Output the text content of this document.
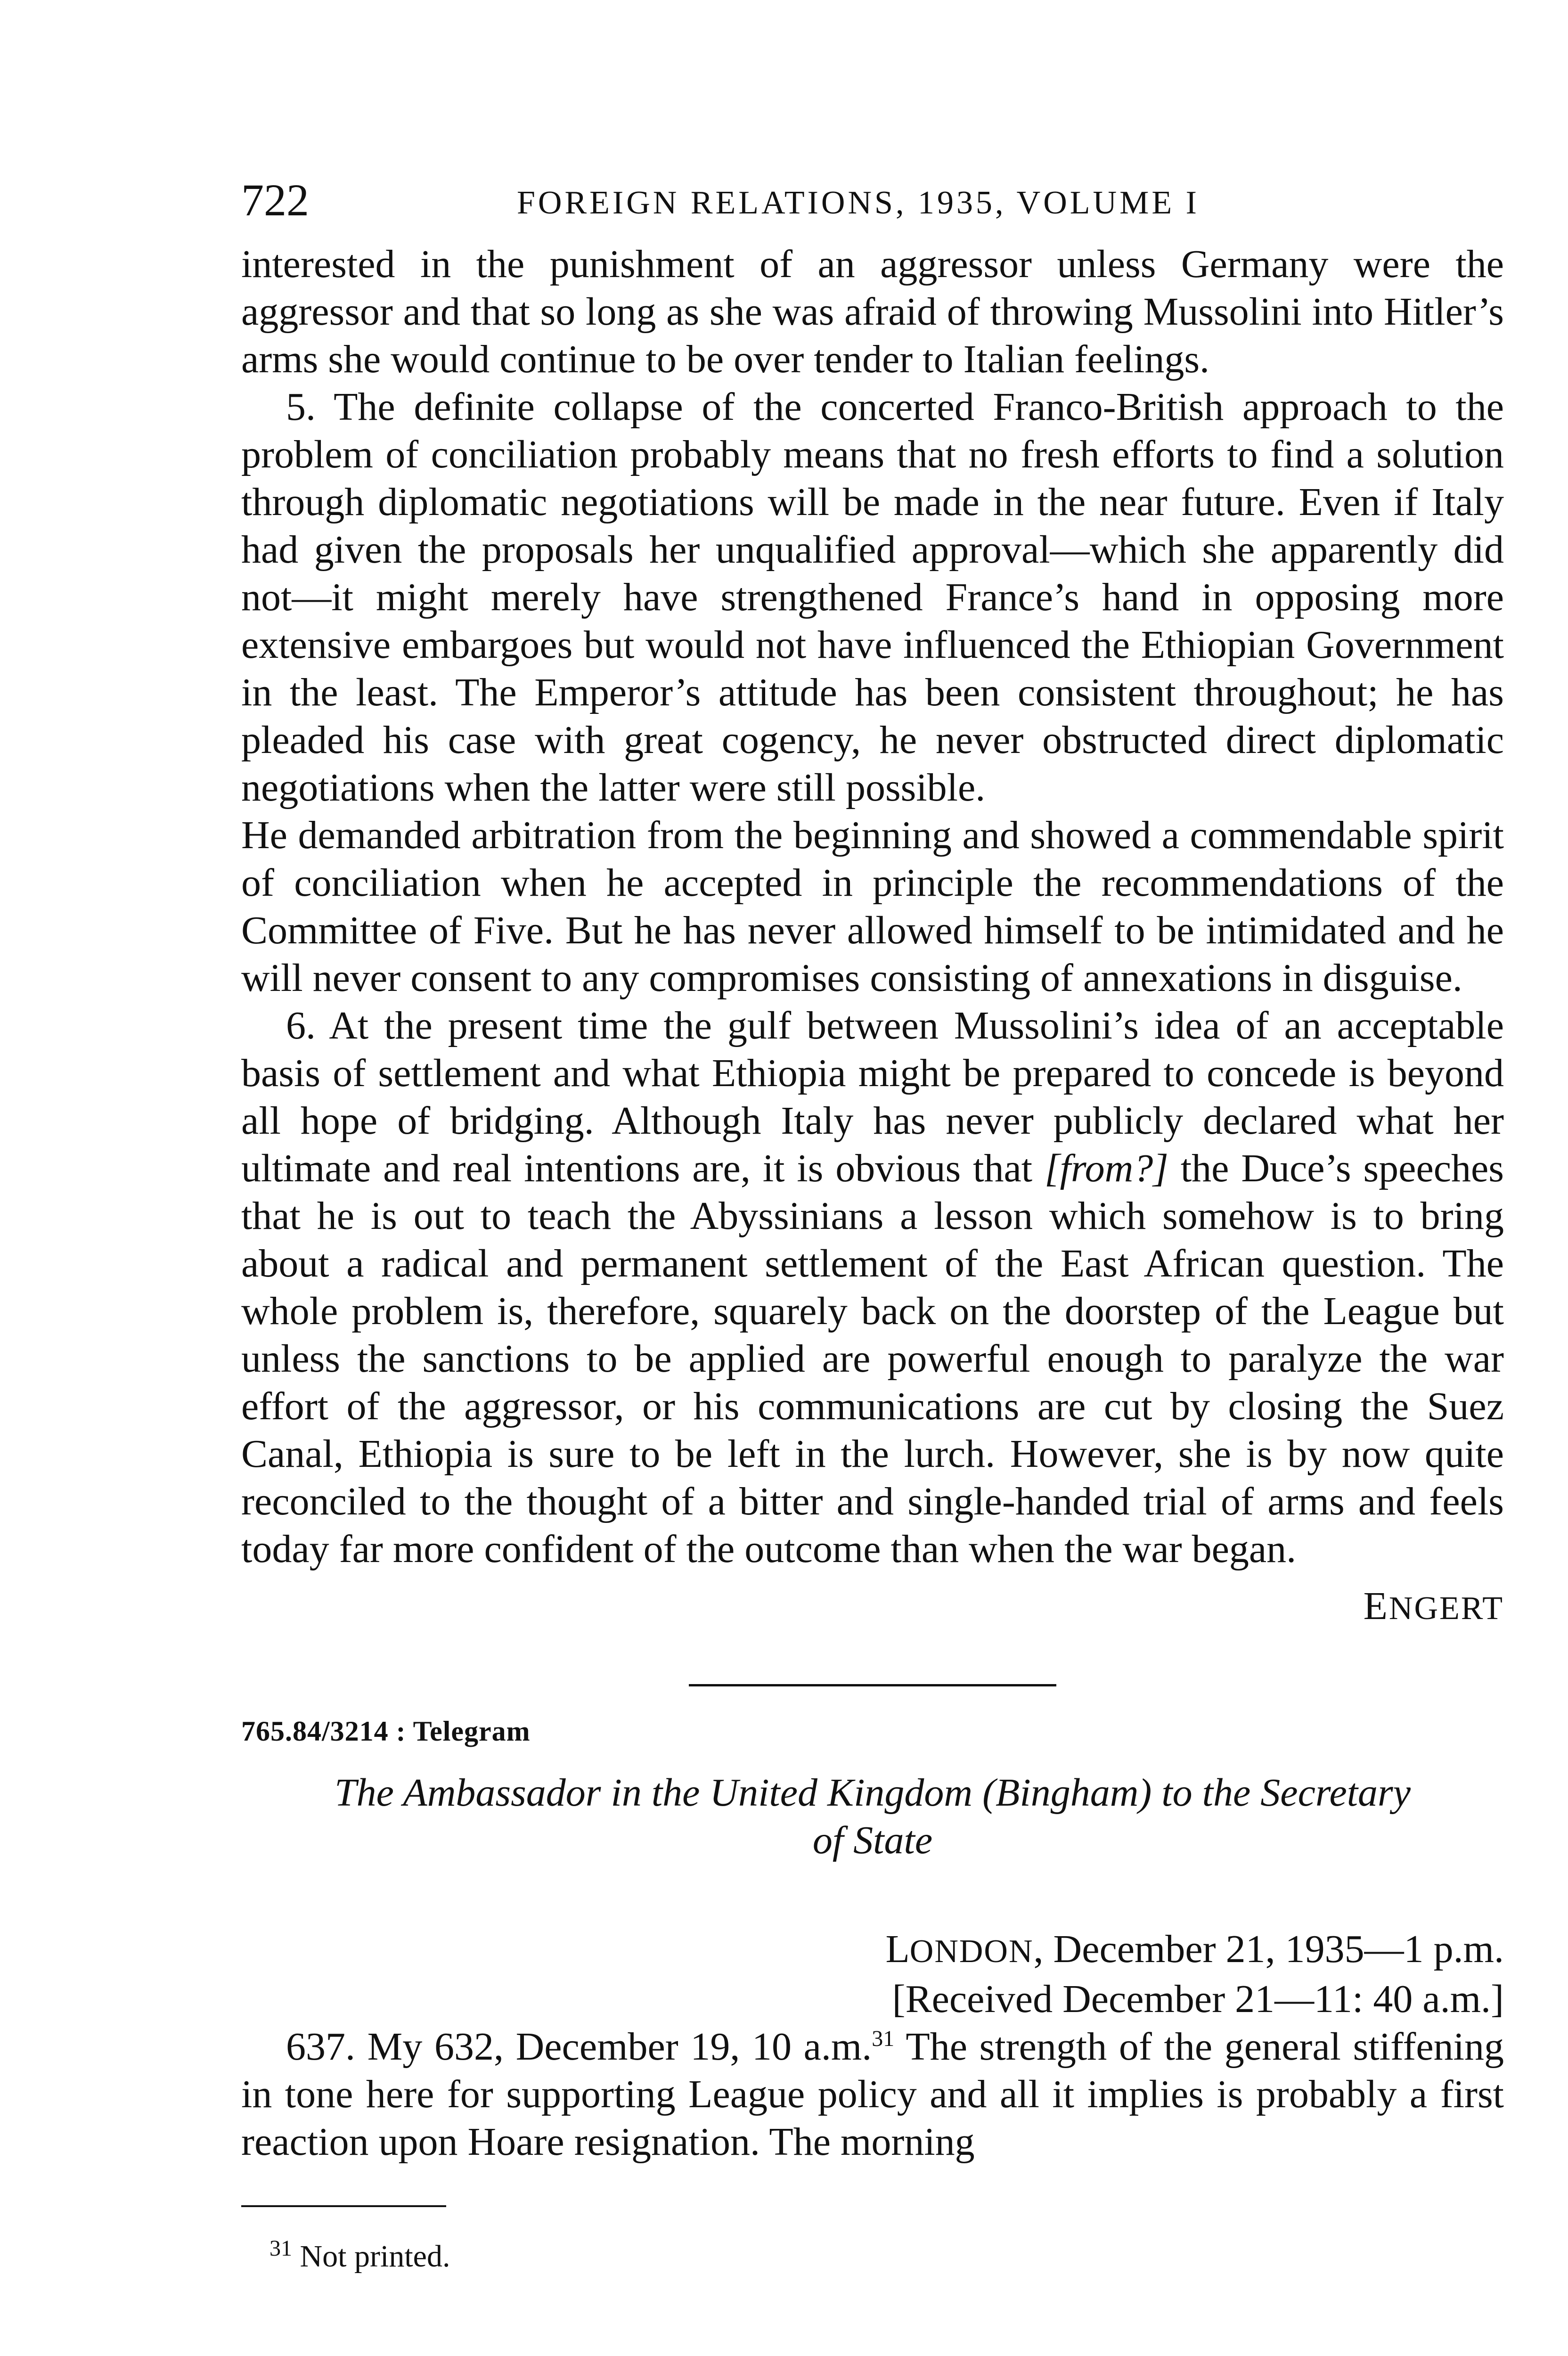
722	FOREIGN RELATIONS, 1935, VOLUME I

interested in the punishment of an aggressor unless Germany were the aggressor and that so long as she was afraid of throwing Mussolini into Hitler’s arms she would continue to be over tender to Italian feelings.

5. The definite collapse of the concerted Franco-British approach to the problem of conciliation probably means that no fresh efforts to find a solution through diplomatic negotiations will be made in the near future. Even if Italy had given the proposals her unqualified approval—which she apparently did not—it might merely have strengthened France’s hand in opposing more extensive embargoes but would not have influenced the Ethiopian Government in the least. The Emperor’s attitude has been consistent throughout; he has pleaded his case with great cogency, he never obstructed direct diplomatic negotiations when the latter were still possible.

He demanded arbitration from the beginning and showed a commendable spirit of conciliation when he accepted in principle the recommendations of the Committee of Five. But he has never allowed himself to be intimidated and he will never consent to any compromises consisting of annexations in disguise.

6. At the present time the gulf between Mussolini’s idea of an acceptable basis of settlement and what Ethiopia might be prepared to concede is beyond all hope of bridging. Although Italy has never publicly declared what her ultimate and real intentions are, it is obvious that [from?] the Duce’s speeches that he is out to teach the Abyssinians a lesson which somehow is to bring about a radical and permanent settlement of the East African question. The whole problem is, therefore, squarely back on the doorstep of the League but unless the sanctions to be applied are powerful enough to paralyze the war effort of the aggressor, or his communications are cut by closing the Suez Canal, Ethiopia is sure to be left in the lurch. However, she is by now quite reconciled to the thought of a bitter and single-handed trial of arms and feels today far more confident of the outcome than when the war began.

ENGERT
765.84/3214 : Telegram
The Ambassador in the United Kingdom (Bingham) to the Secretary
of State
LONDON, December 21, 1935—1 p.m.
[Received December 21—11: 40 a.m.]

637. My 632, December 19, 10 a.m.$^{31}$ The strength of the general stiffening in tone here for supporting League policy and all it implies is probably a first reaction upon Hoare resignation. The morning

$^{31}$ Not printed.
